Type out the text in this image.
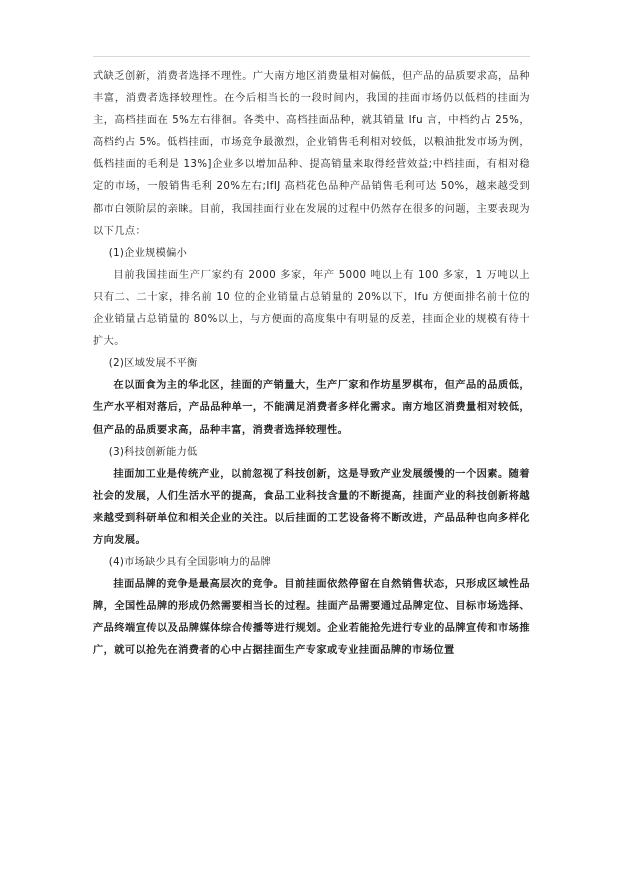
式缺乏创新，消费者选择不理性。广大南方地区消费量相对偏低，但产品的品质要求高，品种丰富，消费者选择较理性。在今后相当长的一段时间内，我国的挂面市场仍以低档的挂面为主，高档挂面在 5%左右徘徊。各类中、高档挂面品种，就其销量 Ifu 言，中档约占 25%，高档约占 5%。低档挂面，市场竞争最激烈，企业销售毛利相对较低，以粮油批发市场为例，低档挂面的毛利是 13%]企业多以增加品种、提高销量来取得经营效益;中档挂面，有相对稳定的市场，一般销售毛利 20%左右;IfIJ 高档花色品种产品销售毛利可达 50%，越来越受到都市白领阶层的亲睐。目前，我国挂面行业在发展的过程中仍然存在很多的问题，主要表现为以下几点：

(1)企业规模偏小

目前我国挂面生产厂家约有 2000 多家，年产 5000 吨以上有 100 多家，1 万吨以上只有二、二十家，排名前 10 位的企业销量占总销量的 20%以下，Ifu 方便面排名前十位的企业销量占总销量的 80%以上，与方便面的高度集中有明显的反差，挂面企业的规模有待十扩大。

(2)区域发展不平衡

在以面食为主的华北区，挂面的产销量大，生产厂家和作坊星罗棋布，但产品的品质低，生产水平相对落后，产品品种单一，不能满足消费者多样化需求。南方地区消费量相对较低，但产品的品质要求高，品种丰富，消费者选择较理性。

(3)科技创新能力低

挂面加工业是传统产业，以前忽视了科技创新，这是导致产业发展缓慢的一个因素。随着社会的发展，人们生活水平的提高，食品工业科技含量的不断提高，挂面产业的科技创新将越来越受到科研单位和相关企业的关注。以后挂面的工艺设备将不断改进，产品品种也向多样化方向发展。

(4)市场缺少具有全国影响力的品牌

挂面品牌的竞争是最高层次的竞争。目前挂面依然停留在自然销售状态，只形成区域性品牌，全国性品牌的形成仍然需要相当长的过程。挂面产品需要通过品牌定位、目标市场选择、产品终端宣传以及品牌媒体综合传播等进行规划。企业若能抢先进行专业的品牌宣传和市场推广，就可以抢先在消费者的心中占据挂面生产专家或专业挂面品牌的市场位置
